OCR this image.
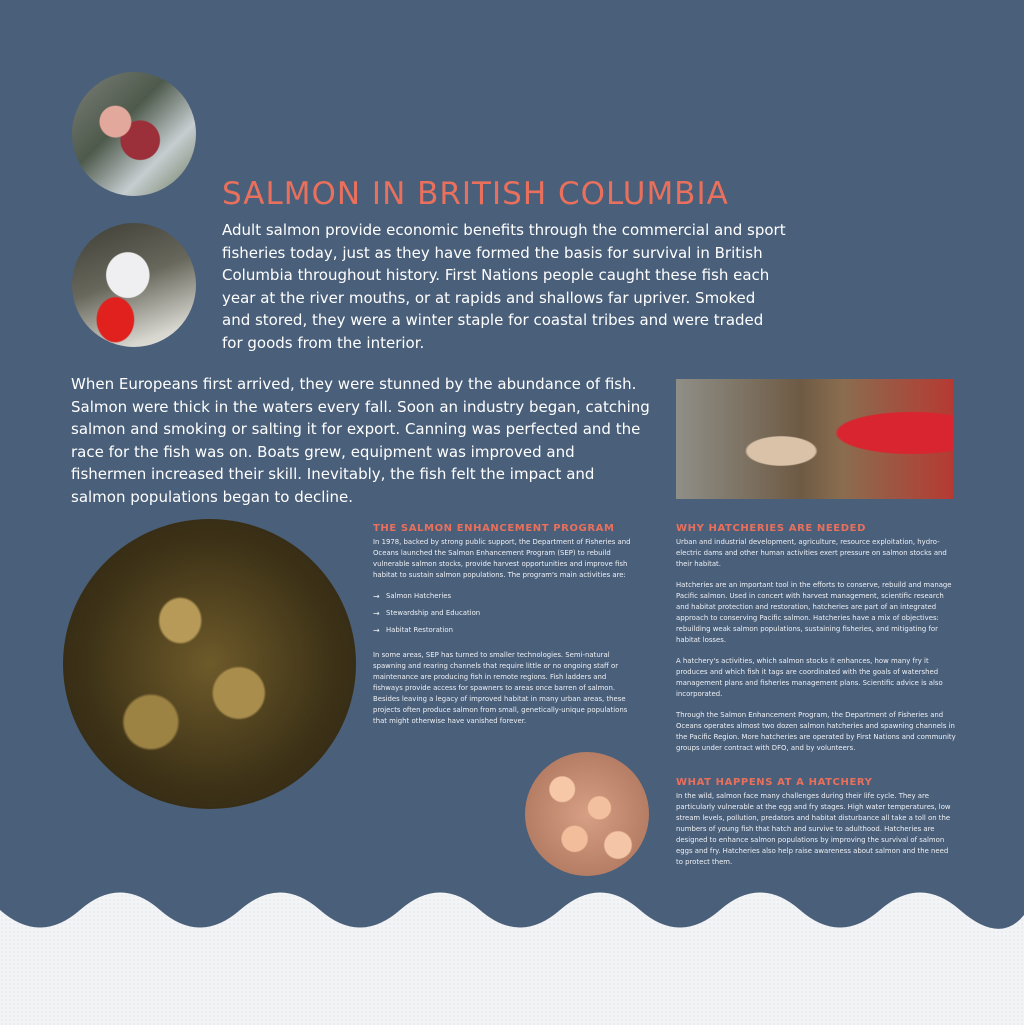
SALMON IN BRITISH COLUMBIA

Adult salmon provide economic benefits through the commercial and sport fisheries today, just as they have formed the basis for survival in British Columbia throughout history. First Nations people caught these fish each year at the river mouths, or at rapids and shallows far upriver. Smoked and stored, they were a winter staple for coastal tribes and were traded for goods from the interior.

When Europeans first arrived, they were stunned by the abundance of fish. Salmon were thick in the waters every fall. Soon an industry began, catching salmon and smoking or salting it for export. Canning was perfected and the race for the fish was on. Boats grew, equipment was improved and fishermen increased their skill. Inevitably, the fish felt the impact and salmon populations began to decline.

THE SALMON ENHANCEMENT PROGRAM

In 1978, backed by strong public support, the Department of Fisheries and Oceans launched the Salmon Enhancement Program (SEP) to rebuild vulnerable salmon stocks, provide harvest opportunities and improve fish habitat to sustain salmon populations. The program's main activities are:

→ Salmon Hatcheries
→ Stewardship and Education
→ Habitat Restoration

In some areas, SEP has turned to smaller technologies. Semi-natural spawning and rearing channels that require little or no ongoing staff or maintenance are producing fish in remote regions. Fish ladders and fishways provide access for spawners to areas once barren of salmon. Besides leaving a legacy of improved habitat in many urban areas, these projects often produce salmon from small, genetically-unique populations that might otherwise have vanished forever.

WHY HATCHERIES ARE NEEDED

Urban and industrial development, agriculture, resource exploitation, hydro-electric dams and other human activities exert pressure on salmon stocks and their habitat.

Hatcheries are an important tool in the efforts to conserve, rebuild and manage Pacific salmon. Used in concert with harvest management, scientific research and habitat protection and restoration, hatcheries are part of an integrated approach to conserving Pacific salmon. Hatcheries have a mix of objectives: rebuilding weak salmon populations, sustaining fisheries, and mitigating for habitat losses.

A hatchery's activities, which salmon stocks it enhances, how many fry it produces and which fish it tags are coordinated with the goals of watershed management plans and fisheries management plans. Scientific advice is also incorporated.

Through the Salmon Enhancement Program, the Department of Fisheries and Oceans operates almost two dozen salmon hatcheries and spawning channels in the Pacific Region. More hatcheries are operated by First Nations and community groups under contract with DFO, and by volunteers.

WHAT HAPPENS AT A HATCHERY

In the wild, salmon face many challenges during their life cycle. They are particularly vulnerable at the egg and fry stages. High water temperatures, low stream levels, pollution, predators and habitat disturbance all take a toll on the numbers of young fish that hatch and survive to adulthood. Hatcheries are designed to enhance salmon populations by improving the survival of salmon eggs and fry. Hatcheries also help raise awareness about salmon and the need to protect them.
